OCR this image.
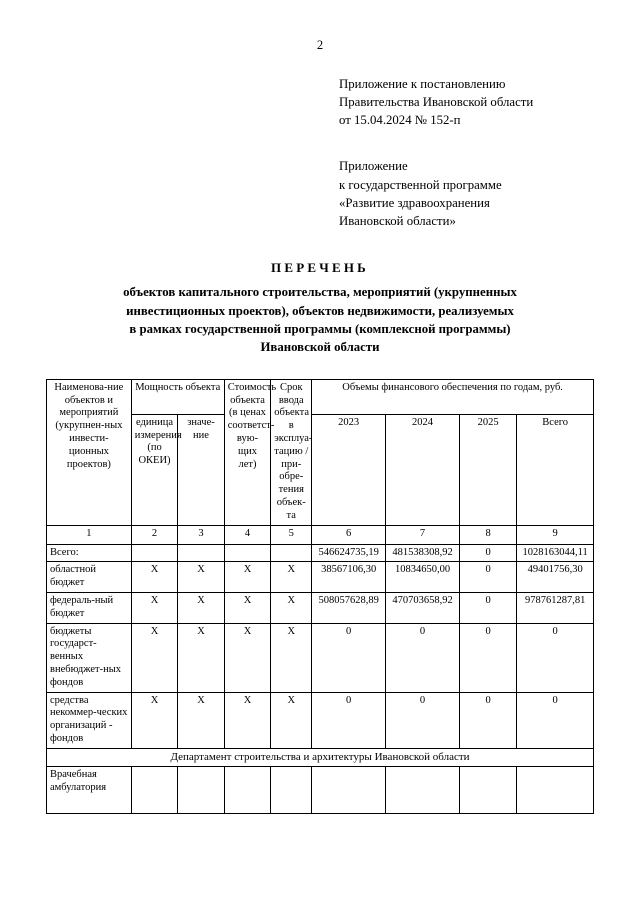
2
Приложение к постановлению
Правительства Ивановской области
от 15.04.2024 № 152-п
Приложение
к государственной программе
«Развитие здравоохранения
Ивановской области»
ПЕРЕЧЕНЬ
объектов капитального строительства, мероприятий (укрупненных
инвестиционных проектов), объектов недвижимости, реализуемых
в рамках государственной программы (комплексной программы)
Ивановской области
Наименова-ние объектов и мероприятий (укрупнен-ных инвести-ционных проектов)	Мощность объекта		Стоимость объекта (в ценах соответст-вую-щих лет)	Срок ввода объекта в эксплуа-тацию / при-обре-тения объек-та	Объемы финансового обеспечения по годам, руб.			
	единица измерения (по ОКЕИ)	значе-ние			2023	2024	2025	Всего
1	2	3	4	5	6	7	8	9
Всего:					546624735,19	481538308,92	0	1028163044,11
областной бюджет	Х	Х	Х	Х	38567106,30	10834650,00	0	49401756,30
федераль-ный бюджет	Х	Х	Х	Х	508057628,89	470703658,92	0	978761287,81
бюджеты государст-венных внебюджет-ных фондов	Х	Х	Х	Х	0	0	0	0
средства некоммер-ческих организаций - фондов	Х	Х	Х	Х	0	0	0	0
Департамент строительства и архитектуры Ивановской области								
Врачебная амбулатория								
